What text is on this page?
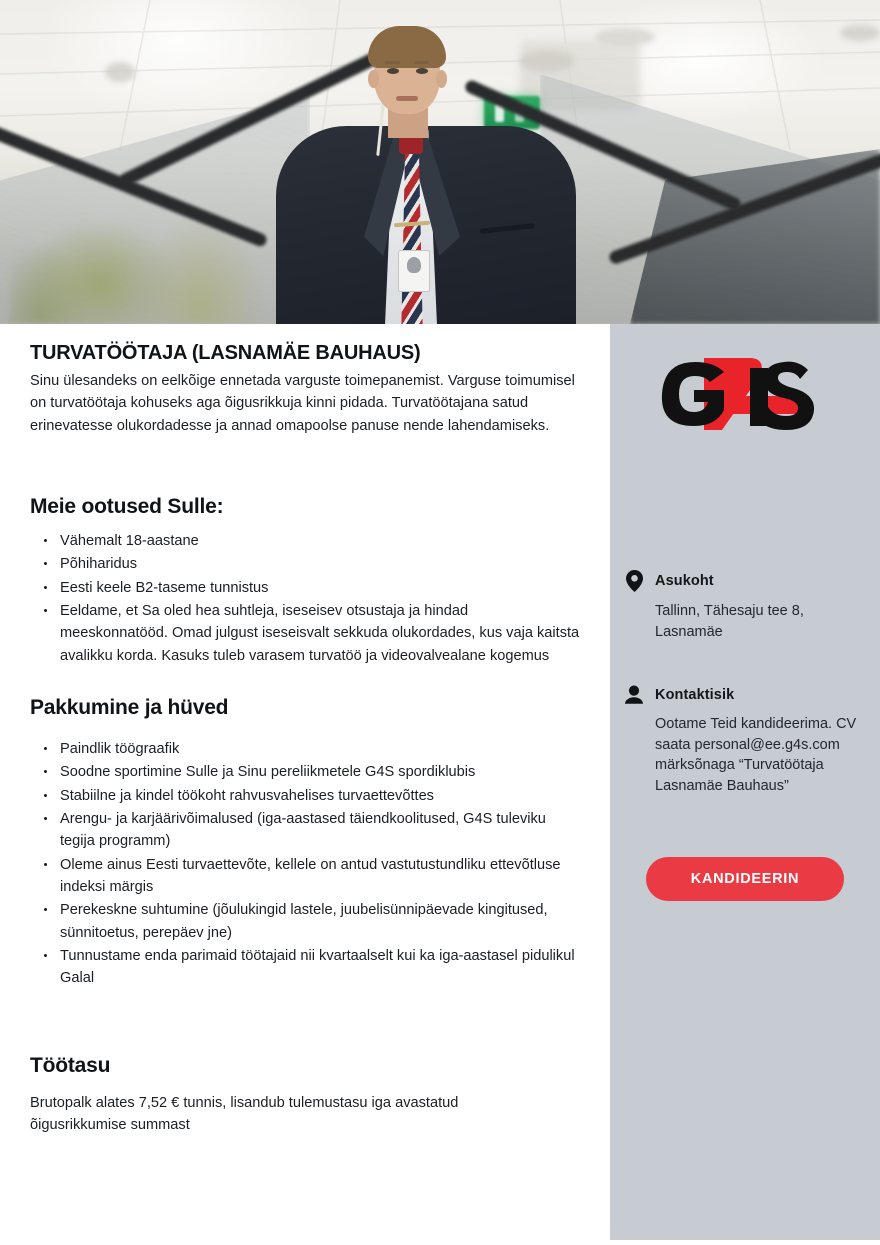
Asukoht
Tallinn, Tähesaju tee 8, Lasnamäe
Kontaktisik
Ootame Teid kandideerima. CV saata personal@ee.g4s.com märksõnaga “Turvatöötaja Lasnamäe Bauhaus”
KANDIDEERIN
TURVATÖÖTAJA (LASNAMÄE BAUHAUS)

Sinu ülesandeks on eelkõige ennetada varguste toimepanemist. Varguse toimumisel on turvatöötaja kohuseks aga õigusrikkuja kinni pidada. Turvatöötajana satud erinevatesse olukordadesse ja annad omapoolse panuse nende lahendamiseks.

Meie ootused Sulle:
Vähemalt 18-aastane
Põhiharidus
Eesti keele B2-taseme tunnistus
Eeldame, et Sa oled hea suhtleja, iseseisev otsustaja ja hindad meeskonnatööd. Omad julgust iseseisvalt sekkuda olukordades, kus vaja kaitsta avalikku korda. Kasuks tuleb varasem turvatöö ja videovalvealane kogemus
Pakkumine ja hüved
Paindlik töögraafik
Soodne sportimine Sulle ja Sinu pereliikmetele G4S spordiklubis
Stabiilne ja kindel töökoht rahvusvahelises turvaettevõttes
Arengu- ja karjäärivõimalused (iga-aastased täiendkoolitused, G4S tuleviku tegija programm)
Oleme ainus Eesti turvaettevõte, kellele on antud vastutustundliku ettevõtluse indeksi märgis
Perekeskne suhtumine (jõulukingid lastele, juubelisünnipäevade kingitused, sünnitoetus, perepäev jne)
Tunnustame enda parimaid töötajaid nii kvartaalselt kui ka iga-aastasel pidulikul Galal
Töötasu

Brutopalk alates 7,52 € tunnis, lisandub tulemustasu iga avastatud õigusrikkumise summast
